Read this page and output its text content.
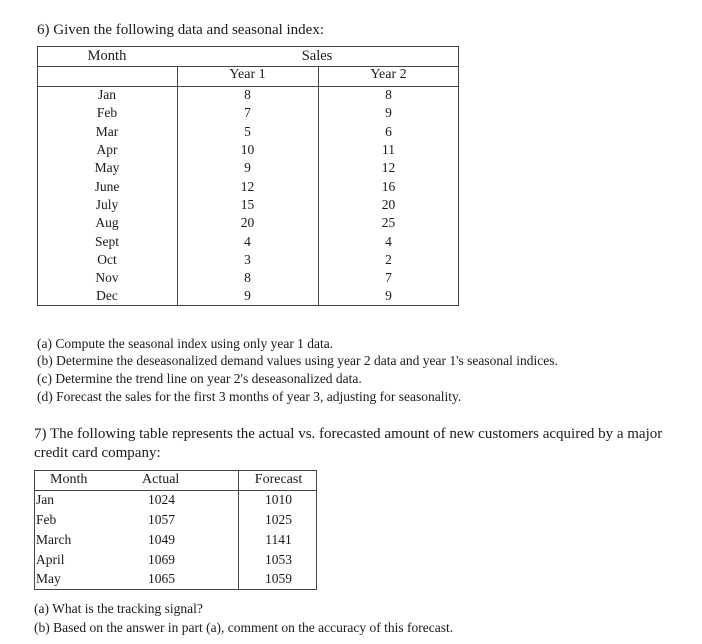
6) Given the following data and seasonal index:
Month	Sales
Year 1	Year 2
Jan	8	8
Feb	7	9
Mar	5	6
Apr	10	11
May	9	12
June	12	16
July	15	20
Aug	20	25
Sept	4	4
Oct	3	2
Nov	8	7
Dec	9	9
(a) Compute the seasonal index using only year 1 data.
(b) Determine the deseasonalized demand values using year 2 data and year 1's seasonal indices.
(c) Determine the trend line on year 2's deseasonalized data.
(d) Forecast the sales for the first 3 months of year 3, adjusting for seasonality.
7) The following table represents the actual vs. forecasted amount of new customers acquired by a major
credit card company:
Month	Actual	Forecast
Jan	1024	1010
Feb	1057	1025
March	1049	1141
April	1069	1053
May	1065	1059
(a) What is the tracking signal?
(b) Based on the answer in part (a), comment on the accuracy of this forecast.
